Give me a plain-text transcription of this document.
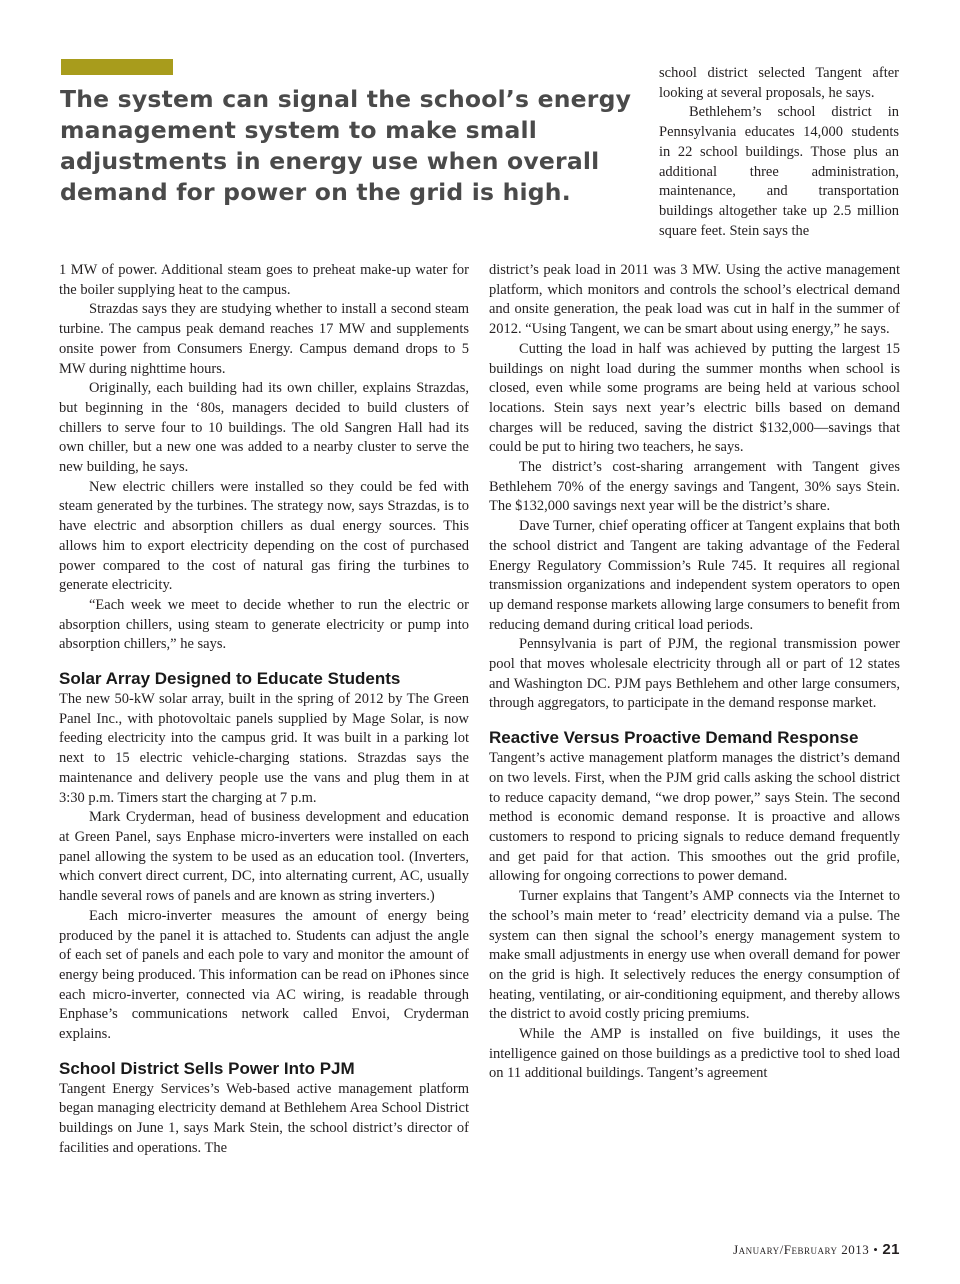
The system can signal the school’s energy management system to make small adjustments in energy use when overall demand for power on the grid is high.

school district selected Tangent after looking at several proposals, he says.

Bethlehem’s school district in Pennsylvania educates 14,000 students in 22 school buildings. Those plus an additional three administration, maintenance, and transportation buildings altogether take up 2.5 million square feet. Stein says the

1 MW of power. Additional steam goes to preheat make-up water for the boiler supplying heat to the campus.

Strazdas says they are studying whether to install a second steam turbine. The campus peak demand reaches 17 MW and supplements onsite power from Consumers Energy. Campus demand drops to 5 MW during nighttime hours.

Originally, each building had its own chiller, explains Strazdas, but beginning in the ‘80s, managers decided to build clusters of chillers to serve four to 10 buildings. The old Sangren Hall had its own chiller, but a new one was added to a nearby cluster to serve the new building, he says.

New electric chillers were installed so they could be fed with steam generated by the turbines. The strategy now, says Strazdas, is to have electric and absorption chillers as dual energy sources. This allows him to export electricity depending on the cost of purchased power compared to the cost of natural gas firing the turbines to generate electricity.

“Each week we meet to decide whether to run the electric or absorption chillers, using steam to generate electricity or pump into absorption chillers,” he says.

Solar Array Designed to Educate Students

The new 50-kW solar array, built in the spring of 2012 by The Green Panel Inc., with photovoltaic panels supplied by Mage Solar, is now feeding electricity into the campus grid. It was built in a parking lot next to 15 electric vehicle-charging stations. Strazdas says the maintenance and delivery people use the vans and plug them in at 3:30 p.m. Timers start the charging at 7 p.m.

Mark Cryderman, head of business development and education at Green Panel, says Enphase micro-inverters were installed on each panel allowing the system to be used as an education tool. (Inverters, which convert direct current, DC, into alternating current, AC, usually handle several rows of panels and are known as string inverters.)

Each micro-inverter measures the amount of energy being produced by the panel it is attached to. Students can adjust the angle of each set of panels and each pole to vary and monitor the amount of energy being produced. This information can be read on iPhones since each micro-inverter, connected via AC wiring, is readable through Enphase’s communications network called Envoi, Cryderman explains.

School District Sells Power Into PJM

Tangent Energy Services’s Web-based active management platform began managing electricity demand at Bethlehem Area School District buildings on June 1, says Mark Stein, the school district’s director of facilities and operations. The

district’s peak load in 2011 was 3 MW. Using the active management platform, which monitors and controls the school’s electrical demand and onsite generation, the peak load was cut in half in the summer of 2012. “Using Tangent, we can be smart about using energy,” he says.

Cutting the load in half was achieved by putting the largest 15 buildings on night load during the summer months when school is closed, even while some programs are being held at various school locations. Stein says next year’s electric bills based on demand charges will be reduced, saving the district $132,000—savings that could be put to hiring two teachers, he says.

The district’s cost-sharing arrangement with Tangent gives Bethlehem 70% of the energy savings and Tangent, 30% says Stein. The $132,000 savings next year will be the district’s share.

Dave Turner, chief operating officer at Tangent explains that both the school district and Tangent are taking advantage of the Federal Energy Regulatory Commission’s Rule 745. It requires all regional transmission organizations and independent system operators to open up demand response markets allowing large consumers to benefit from reducing demand during critical load periods.

Pennsylvania is part of PJM, the regional transmission power pool that moves wholesale electricity through all or part of 12 states and Washington DC. PJM pays Bethlehem and other large consumers, through aggregators, to participate in the demand response market.

Reactive Versus Proactive Demand Response

Tangent’s active management platform manages the district’s demand on two levels. First, when the PJM grid calls asking the school district to reduce capacity demand, “we drop power,” says Stein. The second method is economic demand response. It is proactive and allows customers to respond to pricing signals to reduce demand frequently and get paid for that action. This smoothes out the grid profile, allowing for ongoing corrections to power demand.

Turner explains that Tangent’s AMP connects via the Internet to the school’s main meter to ‘read’ electricity demand via a pulse. The system can then signal the school’s energy management system to make small adjustments in energy use when overall demand for power on the grid is high. It selectively reduces the energy consumption of heating, ventilating, or air-conditioning equipment, and thereby allows the district to avoid costly pricing premiums.

While the AMP is installed on five buildings, it uses the intelligence gained on those buildings as a predictive tool to shed load on 11 additional buildings. Tangent’s agreement

January/February 2013 • 21
